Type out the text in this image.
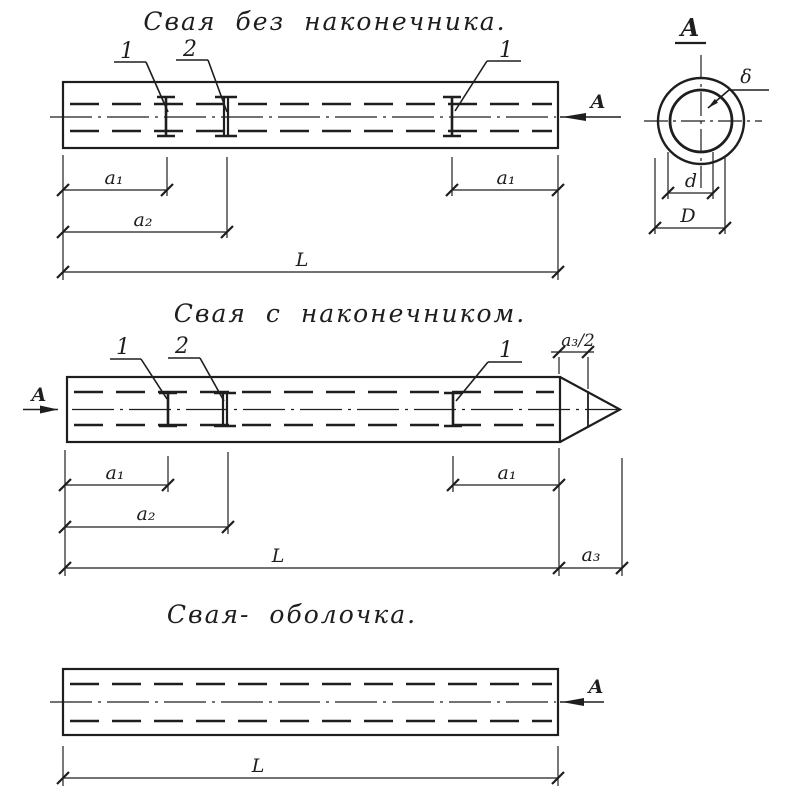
Свая без наконечника.
1 2	1
А
a₁	a₁
a₂
L
А
δ
d
D
Свая с наконечником.
1 2	1
А
a₃/2
a₁	a₁
a₂
L	a₃
Свая- оболочка.
А
L
